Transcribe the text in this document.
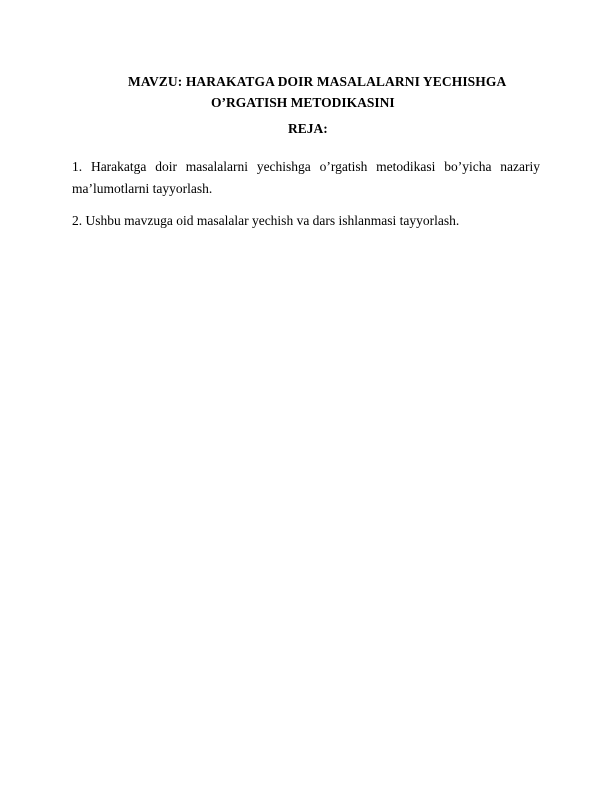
MAVZU: HARAKATGA DOIR MASALALARNI YECHISHGA
O’RGATISH METODIKASINI
REJA:
1. Harakatga doir masalalarni yechishga o’rgatish metodikasi bo’yicha nazariy ma’lumotlarni tayyorlash.
2. Ushbu mavzuga oid masalalar yechish va dars ishlanmasi tayyorlash.
